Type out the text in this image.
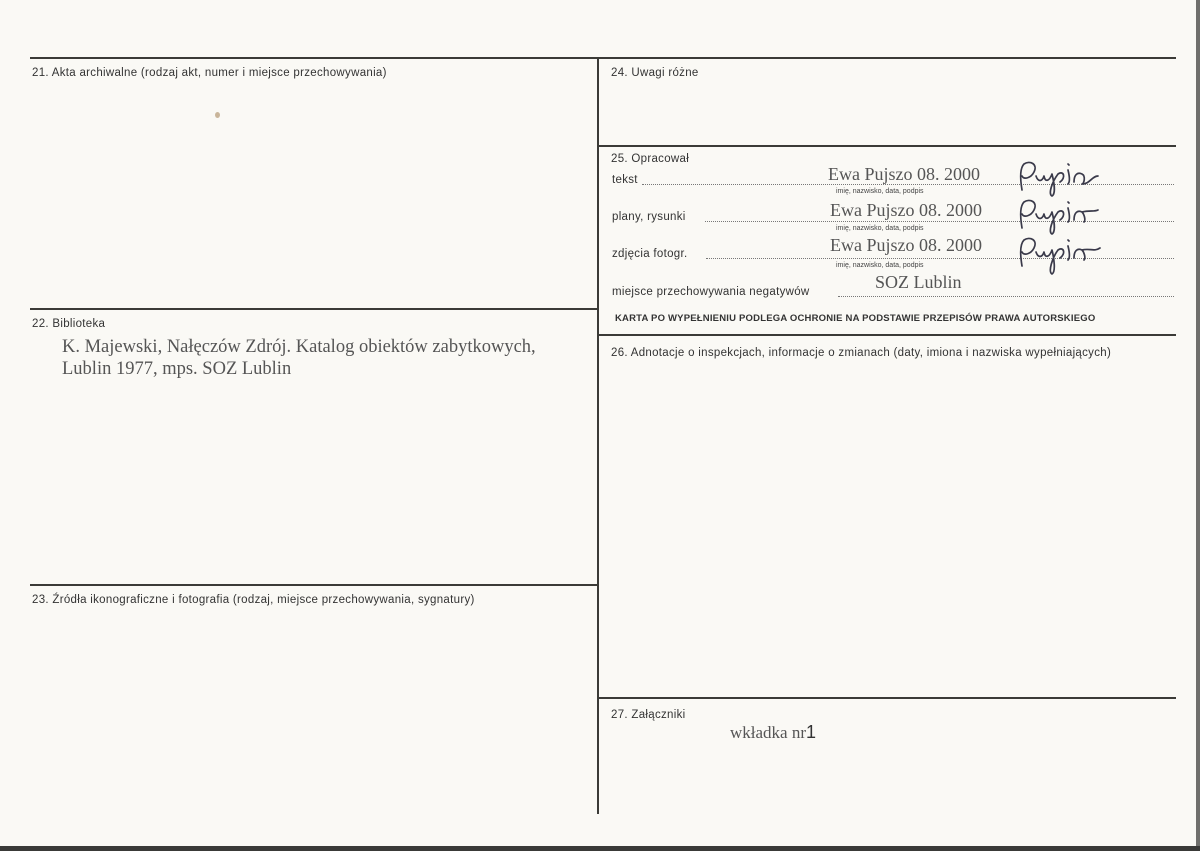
21. Akta archiwalne (rodzaj akt, numer i miejsce przechowywania)
22. Biblioteka
K. Majewski, Nałęczów Zdrój. Katalog obiektów zabytkowych,
Lublin 1977, mps. SOZ Lublin
23. Źródła ikonograficzne i fotografia (rodzaj, miejsce przechowywania, sygnatury)
24. Uwagi różne
25. Opracował
tekst	Ewa Pujszo 08. 2000
imię, nazwisko, data, podpis
plany, rysunki	Ewa Pujszo 08. 2000
imię, nazwisko, data, podpis
zdjęcia fotogr.	Ewa Pujszo 08. 2000
imię, nazwisko, data, podpis
miejsce przechowywania negatywów	SOZ Lublin
KARTA PO WYPEŁNIENIU PODLEGA OCHRONIE NA PODSTAWIE PRZEPISÓW PRAWA AUTORSKIEGO
26. Adnotacje o inspekcjach, informacje o zmianach (daty, imiona i nazwiska wypełniających)
27. Załączniki
wkładka nr1
